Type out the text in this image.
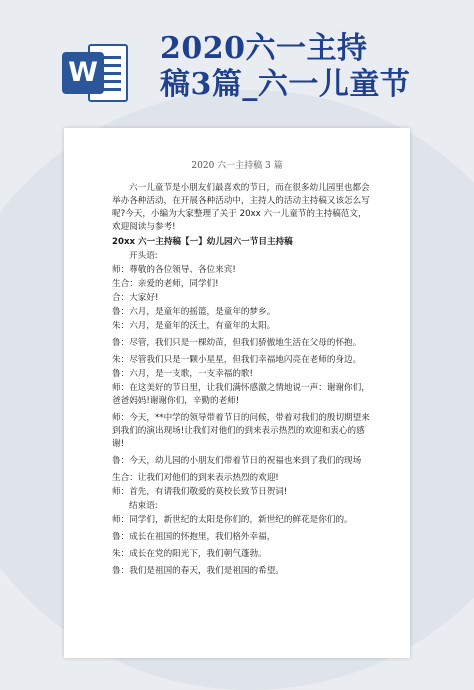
W
2020六一主持
稿3篇_六一儿童节
2020 六一主持稿 3 篇

六一儿童节是小朋友们最喜欢的节日，而在很多幼儿园里也都会举办各种活动，在开展各种活动中，主持人的活动主持稿又该怎么写呢?今天，小编为大家整理了关于 20xx 六一儿童节的主持稿范文，欢迎阅读与参考!

20xx 六一主持稿【一】幼儿园六一节目主持稿

开头语:

师：尊敬的各位领导、各位来宾!

生合：亲爱的老师，同学们!

合：大家好!

鲁：六月，是童年的摇篮，是童年的梦乡。

朱：六月，是童年的沃土，有童年的太阳。

鲁：尽管，我们只是一棵幼苗，但我们骄傲地生活在父母的怀抱。

朱：尽管我们只是一颗小星星，但我们幸福地闪亮在老师的身边。

鲁：六月，是一支歌，一支幸福的歌!

师：在这美好的节日里，让我们满怀感激之情地说一声：谢谢你们，爸爸妈妈!谢谢你们，辛勤的老师!

师：今天，**中学的领导带着节日的问候，带着对我们的殷切期望来到我们的演出现场!让我们对他们的到来表示热烈的欢迎和衷心的感谢!

鲁：今天，幼儿园的小朋友们带着节日的祝福也来到了我们的现场

生合：让我们对他们的到来表示热烈的欢迎!

师：首先，有请我们敬爱的莫校长致节日贺词!

结束语:

师：同学们，新世纪的太阳是你们的，新世纪的鲜花是你们的。

鲁：成长在祖国的怀抱里，我们格外幸福，

朱：成长在党的阳光下，我们朝气蓬勃。

鲁：我们是祖国的春天，我们是祖国的希望。
